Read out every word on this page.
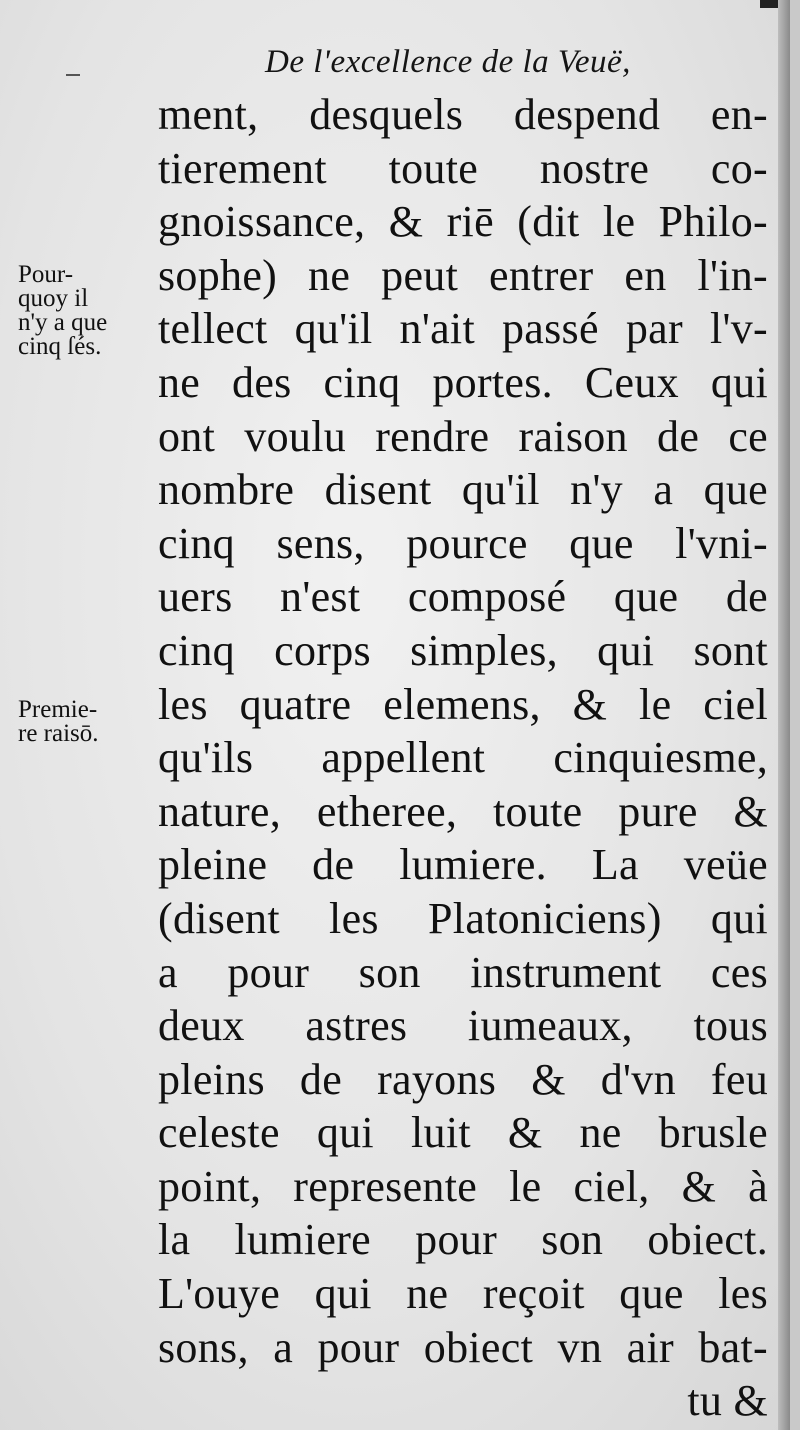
De l'excellence de la Veuë,
Pour-
quoy il
n'y a que
cinq ſés.
Premie-
re raisō.
ment, desquels despend en-
tierement toute nostre co-
gnoissance, & riē (dit le Philo-
sophe) ne peut entrer en l'in-
tellect qu'il n'ait passé par l'v-
ne des cinq portes. Ceux qui
ont voulu rendre raison de ce
nombre disent qu'il n'y a que
cinq sens, pource que l'vni-
uers n'est composé que de
cinq corps simples, qui sont
les quatre elemens, & le ciel
qu'ils appellent cinquiesme,
nature, etheree, toute pure &
pleine de lumiere. La veüe
(disent les Platoniciens) qui
a pour son instrument ces
deux astres iumeaux, tous
pleins de rayons & d'vn feu
celeste qui luit & ne brusle
point, represente le ciel, & à
la lumiere pour son obiect.
L'ouye qui ne reçoit que les
sons, a pour obiect vn air bat-
tu &
